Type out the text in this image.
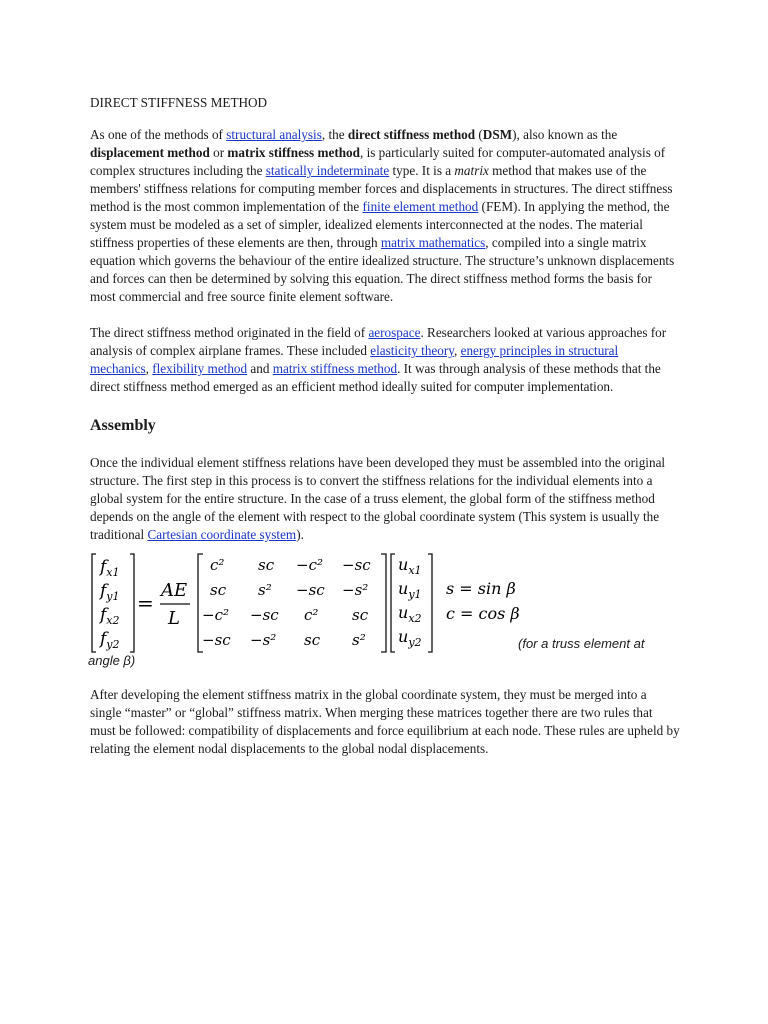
DIRECT STIFFNESS METHOD

As one of the methods of structural analysis, the direct stiffness method (DSM), also known as the displacement method or matrix stiffness method, is particularly suited for computer-automated analysis of complex structures including the statically indeterminate type. It is a matrix method that makes use of the members' stiffness relations for computing member forces and displacements in structures. The direct stiffness method is the most common implementation of the finite element method (FEM). In applying the method, the system must be modeled as a set of simpler, idealized elements interconnected at the nodes. The material stiffness properties of these elements are then, through matrix mathematics, compiled into a single matrix equation which governs the behaviour of the entire idealized structure. The structure’s unknown displacements and forces can then be determined by solving this equation. The direct stiffness method forms the basis for most commercial and free source finite element software.

The direct stiffness method originated in the field of aerospace. Researchers looked at various approaches for analysis of complex airplane frames. These included elasticity theory, energy principles in structural mechanics, flexibility method and matrix stiffness method. It was through analysis of these methods that the direct stiffness method emerged as an efficient method ideally suited for computer implementation.

Assembly

Once the individual element stiffness relations have been developed they must be assembled into the original structure. The first step in this process is to convert the stiffness relations for the individual elements into a global system for the entire structure. In the case of a truss element, the global form of the stiffness method depends on the angle of the element with respect to the global coordinate system (This system is usually the traditional Cartesian coordinate system).

$f_{x1}$
$f_{y1}$
$f_{x2}$
$f_{y2}$
=
AE
L
c² sc −c² −sc
sc s² −sc −s²
−c² −sc c² sc
−sc −s² sc s²
$u_{x1}$
$u_{y1}$
$u_{x2}$
$u_{y2}$
s = sin β
c = cos β
(for a truss element at

angle β)

After developing the element stiffness matrix in the global coordinate system, they must be merged into a single “master” or “global” stiffness matrix. When merging these matrices together there are two rules that must be followed: compatibility of displacements and force equilibrium at each node. These rules are upheld by relating the element nodal displacements to the global nodal displacements.
